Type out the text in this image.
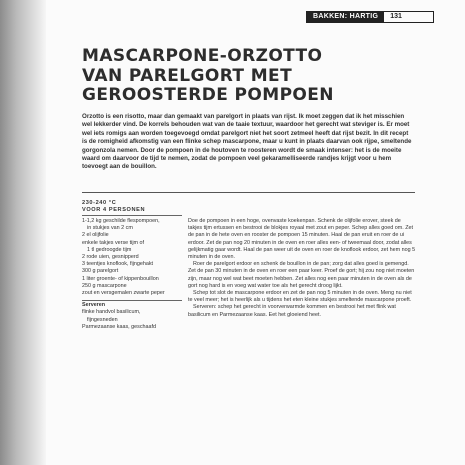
BAKKEN: HARTIG	131
MASCARPONE-ORZOTTO
VAN PARELGORT MET
GEROOSTERDE POMPOEN

Orzotto is een risotto, maar dan gemaakt van parelgort in plaats van rijst. Ik moet zeggen dat ik het misschien wel lekkerder vind. De korrels behouden wat van de taaie textuur, waardoor het gerecht wat steviger is. Er moet wel iets romigs aan worden toegevoegd omdat parelgort niet het soort zetmeel heeft dat rijst bezit. In dit recept is de romigheid afkomstig van een flinke schep mascarpone, maar u kunt in plaats daarvan ook rijpe, smeltende gorgonzola nemen. Door de pompoen in de houtoven te roosteren wordt de smaak intenser: het is de moeite waard om daarvoor de tijd te nemen, zodat de pompoen veel gekaramelliseerde randjes krijgt voor u hem toevoegt aan de bouillon.

230-240 °C
VOOR 4 PERSONEN
1-1,2 kg geschilde flespompoen,
in stukjes van 2 cm
2 el olijfolie
enkele takjes verse tijm of
1 tl gedroogde tijm
2 rode uien, gesnipperd
3 teentjes knoflook, fijngehakt
300 g parelgort
1 liter groente- of kippenbouillon
250 g mascarpone
zout en versgemalen zwarte peper
Serveren
flinke handvol basilicum,
fijngesneden
Parmezaanse kaas, geschaafd

Doe de pompoen in een hoge, ovenvaste koekenpan. Schenk de olijfolie erover, steek de takjes tijm ertussen en bestrooi de blokjes royaal met zout en peper. Schep alles goed om. Zet de pan in de hete oven en rooster de pompoen 15 minuten. Haal de pan eruit en roer de ui erdoor. Zet de pan nog 20 minuten in de oven en roer alles een- of tweemaal door, zodat alles gelijkmatig gaar wordt. Haal de pan weer uit de oven en roer de knoflook erdoor, zet hem nog 5 minuten in de oven.

Roer de parelgort erdoor en schenk de bouillon in de pan; zorg dat alles goed is gemengd. Zet de pan 30 minuten in de oven en roer een paar keer. Proef de gort; hij zou nog niet moeten zijn, maar nog wel wat beet moeten hebben. Zet alles nog een paar minuten in de oven als de gort nog hard is en voeg wat water toe als het gerecht droog lijkt.

Schep tot slot de mascarpone erdoor en zet de pan nog 5 minuten in de oven. Meng nu niet te veel meer; het is heerlijk als u tijdens het eten kleine stukjes smeltende mascarpone proeft.

Serveren: schep het gerecht in voorverwarmde kommen en bestrooi het met flink wat basilicum en Parmezaanse kaas. Eet het gloeiend heet.
